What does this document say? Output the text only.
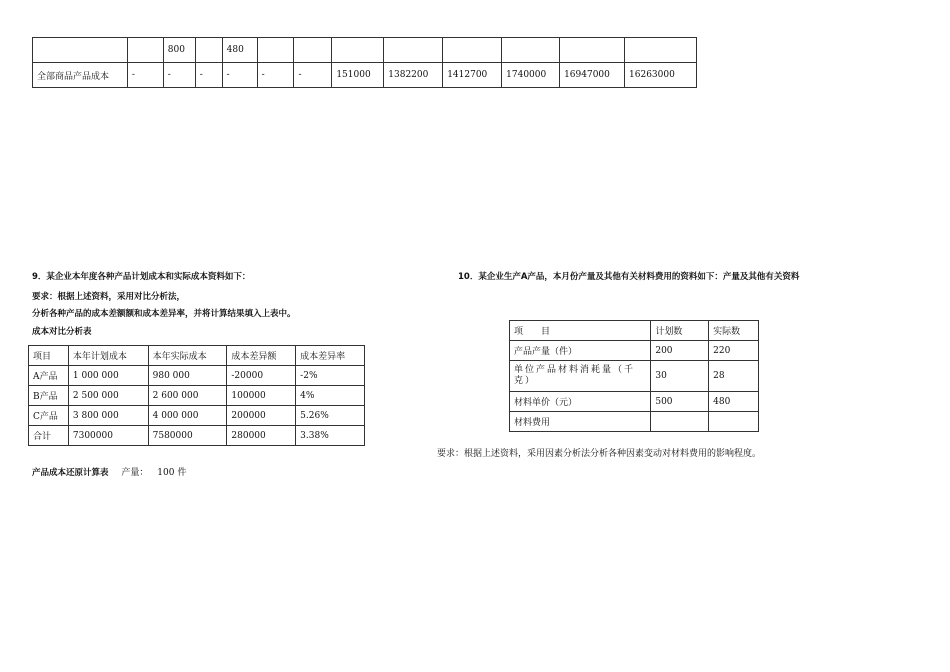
		800		480								
全部商品产品成本	-	-	-	-	-	-	151000	1382200	1412700	1740000	16947000	16263000
9．某企业本年度各种产品计划成本和实际成本资料如下：
要求：根据上述资料，采用对比分析法，
分析各种产品的成本差额额和成本差异率，并将计算结果填入上表中。
成本对比分析表
项目	本年计划成本	本年实际成本	成本差异额	成本差异率
A产品	1 000 000	980 000	-20000	-2%
B产品	2 500 000	2 600 000	100000	4%
C产品	3 800 000	4 000 000	200000	5.26%
合计	7300000	7580000	280000	3.38%
产品成本还原计算表 产量： 100 件
10．某企业生产A产品，本月份产量及其他有关材料费用的资料如下：产量及其他有关资料
项　　目	计划数	实际数
产品产量（件）	200	220
单位产品材料消耗量（千克）	30	28
材料单价（元）	500	480
材料费用		
要求：根据上述资料，采用因素分析法分析各种因素变动对材料费用的影响程度。
